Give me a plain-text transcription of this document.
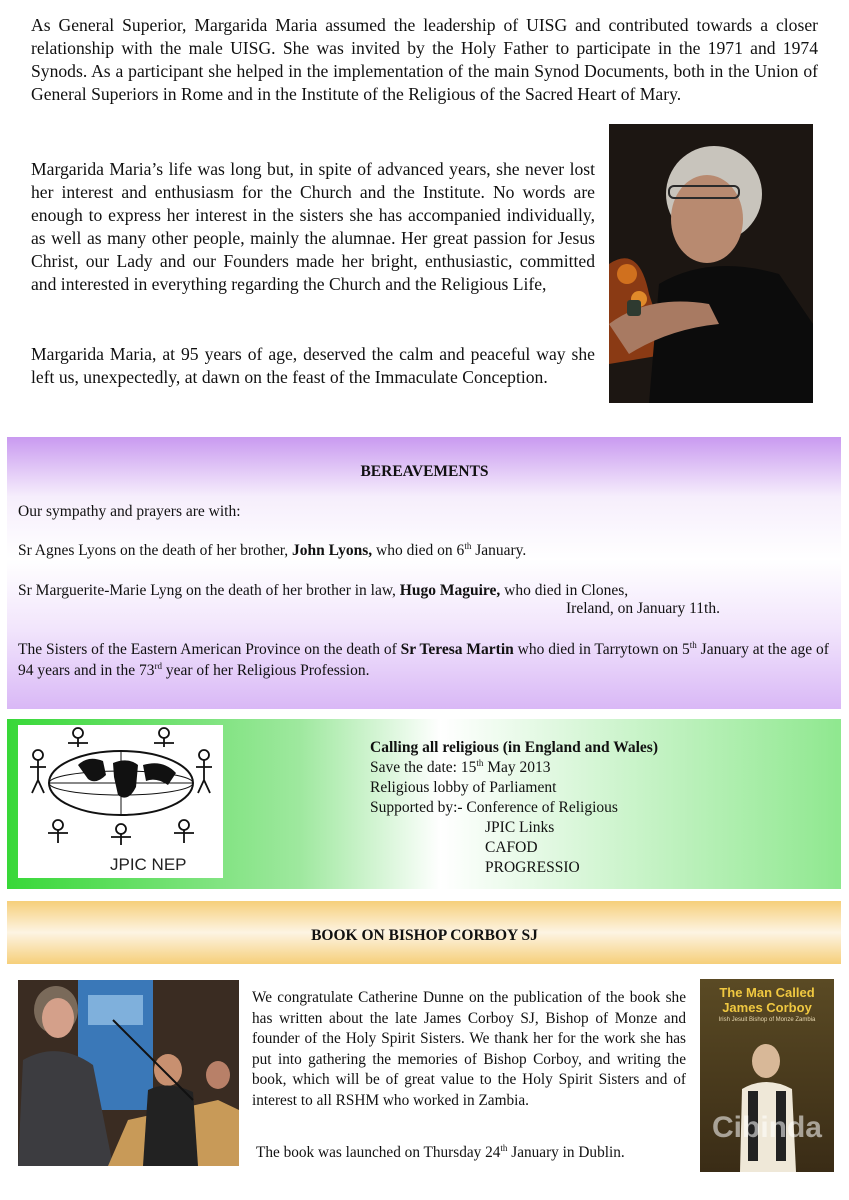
As General Superior, Margarida Maria assumed the leadership of UISG and contributed towards a closer relationship with the male UISG. She was invited by the Holy Father to participate in the 1971 and 1974 Synods. As a participant she helped in the implementation of the main Synod Documents, both in the Union of General Superiors in Rome and in the Institute of the Religious of the Sacred Heart of Mary.
Margarida Maria’s life was long but, in spite of advanced years, she never lost her interest and enthusiasm for the Church and the Institute. No words are enough to express her interest in the sisters she has accompanied individually, as well as many other people, mainly the alumnae. Her great passion for Jesus Christ, our Lady and our Founders made her bright, enthusiastic, committed and interested in everything regarding the Church and the Religious Life,
Margarida Maria, at 95 years of age, deserved the calm and peaceful way she left us, unexpectedly, at dawn on the feast of the Immaculate Conception.
BEREAVEMENTS
Our sympathy and prayers are with:
Sr Agnes Lyons on the death of her brother, John Lyons, who died on 6th January.
Sr Marguerite-Marie Lyng on the death of her brother in law, Hugo Maguire, who died in Clones,
Ireland, on January 11th.
The Sisters of the Eastern American Province on the death of Sr Teresa Martin who died in Tarrytown on 5th January at the age of 94 years and in the 73rd year of her Religious Profession.
JPIC NEP
Calling all religious (in England and Wales)
Save the date: 15th May 2013
Religious lobby of Parliament
Supported by:- Conference of Religious
JPIC Links
CAFOD
PROGRESSIO
BOOK ON BISHOP CORBOY SJ
We congratulate Catherine Dunne on the publication of the book she has written about the late James Corboy SJ, Bishop of Monze and founder of the Holy Spirit Sisters. We thank her for the work she has put into gathering the memories of Bishop Corboy, and writing the book, which will be of great value to the Holy Spirit Sisters and of interest to all RSHM who worked in Zambia.
The book was launched on Thursday 24th January in Dublin.
The Man Called James Corboy
Irish Jesuit Bishop of Monze Zambia
Cibinda
